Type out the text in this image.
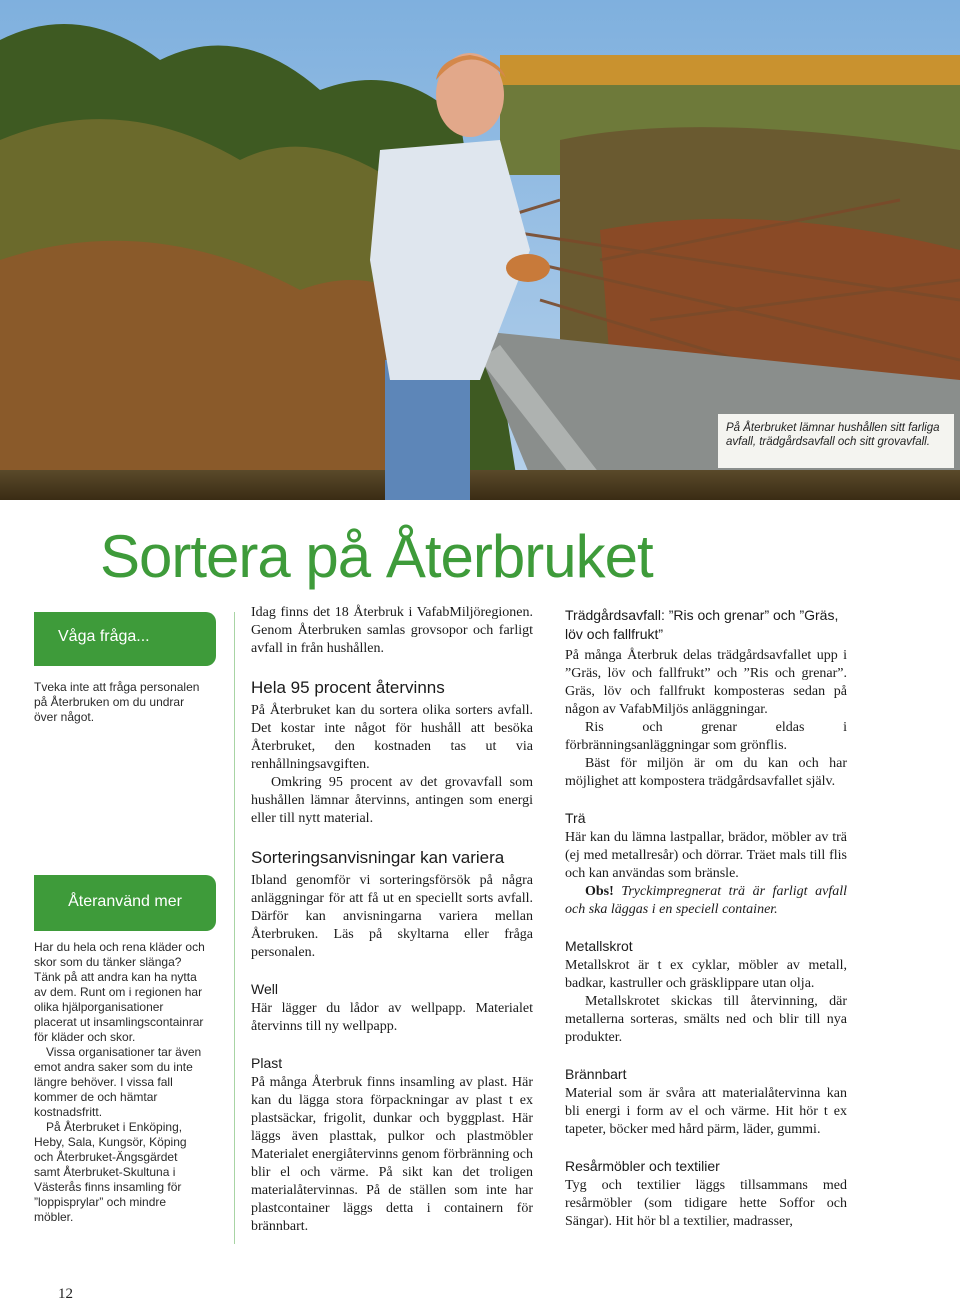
På Återbruket lämnar hushållen sitt farliga avfall, trädgårdsavfall och sitt grovavfall.
Sortera på Återbruket
Våga fråga...

Tveka inte att fråga personalen på Återbruken om du undrar över något.

Återanvänd mer

Har du hela och rena kläder och skor som du tänker slänga? Tänk på att andra kan ha nytta av dem. Runt om i regionen har olika hjälporganisationer placerat ut insamlingscontainrar för kläder och skor.

Vissa organisationer tar även emot andra saker som du inte längre behöver. I vissa fall kommer de och hämtar kostnadsfritt.

På Återbruket i Enköping, Heby, Sala, Kungsör, Köping och Återbruket-Ängsgärdet samt Återbruket-Skultuna i Västerås finns insamling för ”loppisprylar” och mindre möbler.

Idag finns det 18 Återbruk i VafabMiljöregionen. Genom Återbruken samlas grovsopor och farligt avfall in från hushållen.

Hela 95 procent återvinns

På Återbruket kan du sortera olika sorters avfall. Det kostar inte något för hushåll att besöka Återbruket, den kostnaden tas ut via renhållningsavgiften.

Omkring 95 procent av det grovavfall som hushållen lämnar återvinns, antingen som energi eller till nytt material.

Sorteringsanvisningar kan variera

Ibland genomför vi sorteringsförsök på några anläggningar för att få ut en speciellt sorts avfall. Därför kan anvisningarna variera mellan Återbruken. Läs på skyltarna eller fråga personalen.

Well

Här lägger du lådor av wellpapp. Materialet återvinns till ny wellpapp.

Plast

På många Återbruk finns insamling av plast. Här kan du lägga stora förpackningar av plast t ex plastsäckar, frigolit, dunkar och byggplast. Här läggs även plasttak, pulkor och plastmöbler Materialet energiåtervinns genom förbränning och blir el och värme. På sikt kan det troligen materialåtervinnas. På de ställen som inte har plastcontainer läggs detta i containern för brännbart.

Trädgårdsavfall: ”Ris och grenar” och ”Gräs, löv och fallfrukt”

På många Återbruk delas trädgårdsavfallet upp i ”Gräs, löv och fallfrukt” och ”Ris och grenar”. Gräs, löv och fallfrukt komposteras sedan på någon av VafabMiljös anläggningar.

Ris och grenar eldas i förbränningsanläggningar som grönflis.

Bäst för miljön är om du kan och har möjlighet att kompostera trädgårdsavfallet själv.

Trä

Här kan du lämna lastpallar, brädor, möbler av trä (ej med metallresår) och dörrar. Träet mals till flis och kan användas som bränsle.

Obs! Tryckimpregnerat trä är farligt avfall och ska läggas i en speciell container.

Metallskrot

Metallskrot är t ex cyklar, möbler av metall, badkar, kastruller och gräsklippare utan olja.

Metallskrotet skickas till återvinning, där metallerna sorteras, smälts ned och blir till nya produkter.

Brännbart

Material som är svåra att materialåtervinna kan bli energi i form av el och värme. Hit hör t ex tapeter, böcker med hård pärm, läder, gummi.

Resårmöbler och textilier

Tyg och textilier läggs tillsammans med resårmöbler (som tidigare hette Soffor och Sängar). Hit hör bl a textilier, madrasser,

12
